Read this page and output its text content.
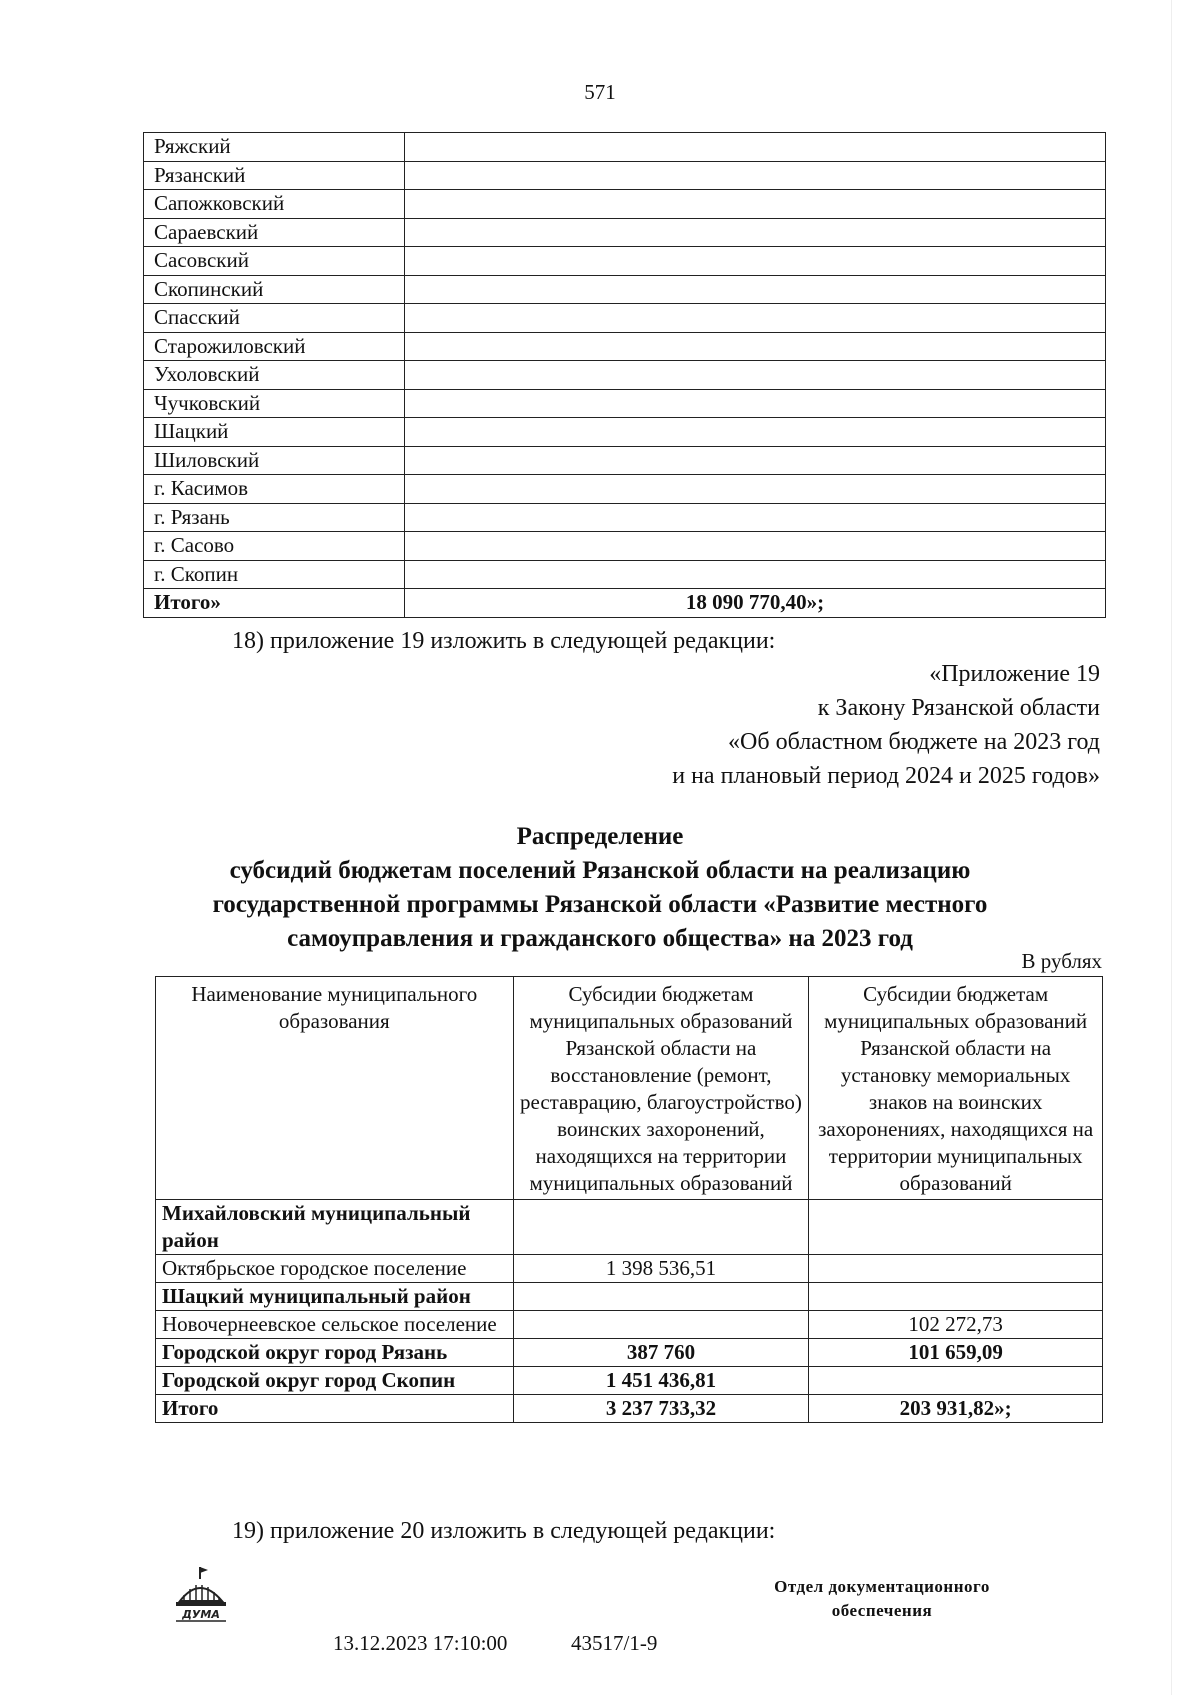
571
Ряжский	
Рязанский	
Сапожковский	
Сараевский	
Сасовский	
Скопинский	
Спасский	
Старожиловский	
Ухоловский	
Чучковский	
Шацкий	
Шиловский	
г. Касимов	
г. Рязань	
г. Сасово	
г. Скопин	
Итого»	18 090 770,40»;
18) приложение 19 изложить в следующей редакции:
«Приложение 19
к Закону Рязанской области
«Об областном бюджете на 2023 год
и на плановый период 2024 и 2025 годов»
Распределение
субсидий бюджетам поселений Рязанской области на реализацию
государственной программы Рязанской области «Развитие местного
самоуправления и гражданского общества» на 2023 год
В рублях
Наименование муниципального образования	Субсидии бюджетам муниципальных образований Рязанской области на восстановление (ремонт, реставрацию, благоустройство) воинских захоронений, находящихся на территории муниципальных образований	Субсидии бюджетам муниципальных образований Рязанской области на установку мемориальных знаков на воинских захоронениях, находящихся на территории муниципальных образований
Михайловский муниципальный район		
Октябрьское городское поселение	1 398 536,51	
Шацкий муниципальный район		
Новочернеевское сельское поселение		102 272,73
Городской округ город Рязань	387 760	101 659,09
Городской округ город Скопин	1 451 436,81	
Итого	3 237 733,32	203 931,82»;
19) приложение 20 изложить в следующей редакции:
ДУМА
13.12.2023 17:10:00	43517/1-9
Отдел документационного
обеспечения
